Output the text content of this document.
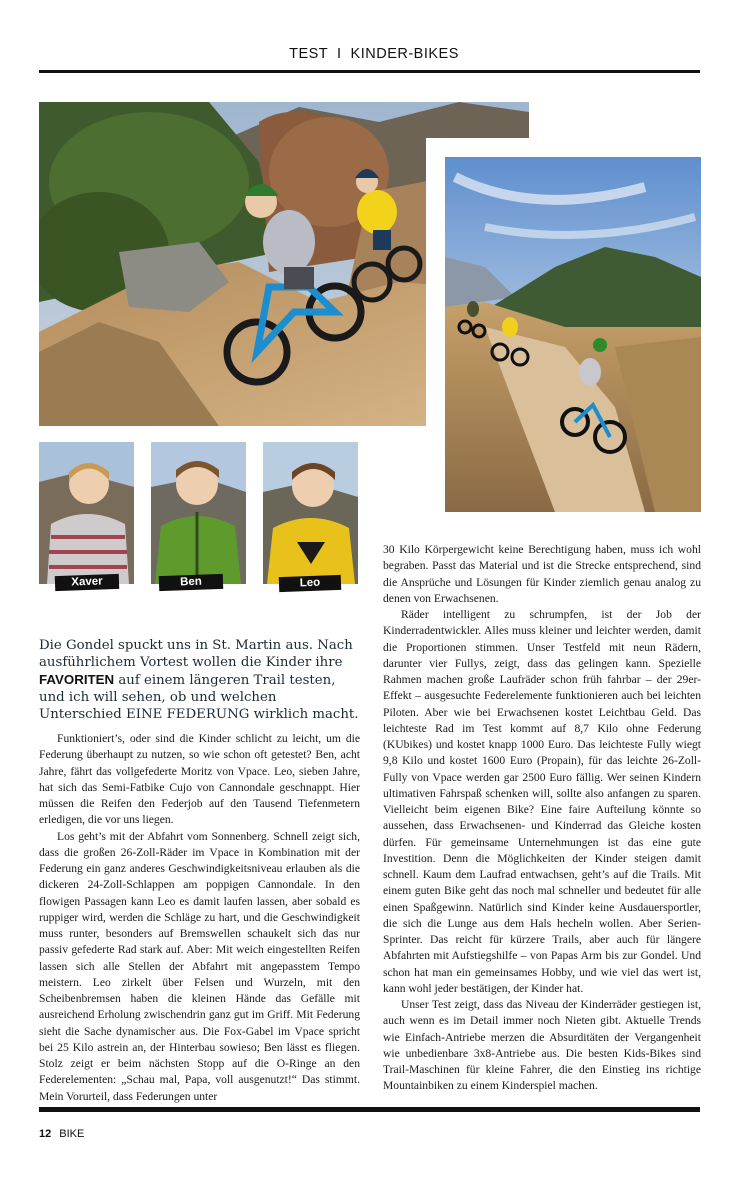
TEST I KINDER-BIKES
Xaver	Ben	Leo
Die Gondel spuckt uns in St. Martin aus. Nach ausführlichem Vortest wollen die Kinder ihre FAVORITEN auf einem längeren Trail testen, und ich will sehen, ob und welchen Unterschied EINE FEDERUNG wirklich macht.

Funktioniert’s, oder sind die Kinder schlicht zu leicht, um die Federung überhaupt zu nutzen, so wie schon oft getestet? Ben, acht Jahre, fährt das vollgefederte Moritz von Vpace. Leo, sieben Jahre, hat sich das Semi-Fatbike Cujo von Cannondale geschnappt. Hier müssen die Reifen den Federjob auf den Tausend Tiefenmetern erledigen, die vor uns liegen.

Los geht’s mit der Abfahrt vom Sonnenberg. Schnell zeigt sich, dass die großen 26-Zoll-Räder im Vpace in Kombination mit der Federung ein ganz anderes Geschwindigkeitsniveau erlauben als die dickeren 24-Zoll-Schlappen am poppigen Cannondale. In den flowigen Passagen kann Leo es damit laufen lassen, aber sobald es ruppiger wird, werden die Schläge zu hart, und die Geschwindigkeit muss runter, besonders auf Bremswellen schaukelt sich das nur passiv gefederte Rad stark auf. Aber: Mit weich eingestellten Reifen lassen sich alle Stellen der Abfahrt mit angepasstem Tempo meistern. Leo zirkelt über Felsen und Wurzeln, mit den Scheibenbremsen haben die kleinen Hände das Gefälle mit ausreichend Erholung zwischendrin ganz gut im Griff. Mit Federung sieht die Sache dynamischer aus. Die Fox-Gabel im Vpace spricht bei 25 Kilo astrein an, der Hinterbau sowieso; Ben lässt es fliegen. Stolz zeigt er beim nächsten Stopp auf die O-Ringe an den Federelementen: „Schau mal, Papa, voll ausgenutzt!“ Das stimmt. Mein Vorurteil, dass Federungen unter

30 Kilo Körpergewicht keine Berechtigung haben, muss ich wohl begraben. Passt das Material und ist die Strecke entsprechend, sind die Ansprüche und Lösungen für Kinder ziemlich genau analog zu denen von Erwachsenen.

Räder intelligent zu schrumpfen, ist der Job der Kinderradentwickler. Alles muss kleiner und leichter werden, damit die Proportionen stimmen. Unser Testfeld mit neun Rädern, darunter vier Fullys, zeigt, dass das gelingen kann. Spezielle Rahmen machen große Laufräder schon früh fahrbar – der 29er-Effekt – ausgesuchte Federelemente funktionieren auch bei leichten Piloten. Aber wie bei Erwachsenen kostet Leichtbau Geld. Das leichteste Rad im Test kommt auf 8,7 Kilo ohne Federung (KUbikes) und kostet knapp 1000 Euro. Das leichteste Fully wiegt 9,8 Kilo und kostet 1600 Euro (Propain), für das leichte 26-Zoll-Fully von Vpace werden gar 2500 Euro fällig. Wer seinen Kindern ultimativen Fahrspaß schenken will, sollte also anfangen zu sparen. Vielleicht beim eigenen Bike? Eine faire Aufteilung könnte so aussehen, dass Erwachsenen- und Kinderrad das Gleiche kosten dürfen. Für gemeinsame Unternehmungen ist das eine gute Investition. Denn die Möglichkeiten der Kinder steigen damit schnell. Kaum dem Laufrad entwachsen, geht’s auf die Trails. Mit einem guten Bike geht das noch mal schneller und bedeutet für alle einen Spaßgewinn. Natürlich sind Kinder keine Ausdauersportler, die sich die Lunge aus dem Hals hecheln wollen. Aber Serien-Sprinter. Das reicht für kürzere Trails, aber auch für längere Abfahrten mit Aufstiegshilfe – von Papas Arm bis zur Gondel. Und schon hat man ein gemeinsames Hobby, und wie viel das wert ist, kann wohl jeder bestätigen, der Kinder hat.

Unser Test zeigt, dass das Niveau der Kinderräder gestiegen ist, auch wenn es im Detail immer noch Nieten gibt. Aktuelle Trends wie Einfach-Antriebe merzen die Absurditäten der Vergangenheit wie unbedienbare 3x8-Antriebe aus. Die besten Kids-Bikes sind Trail-Maschinen für kleine Fahrer, die den Einstieg ins richtige Mountainbiken zu einem Kinderspiel machen.

12 BIKE
